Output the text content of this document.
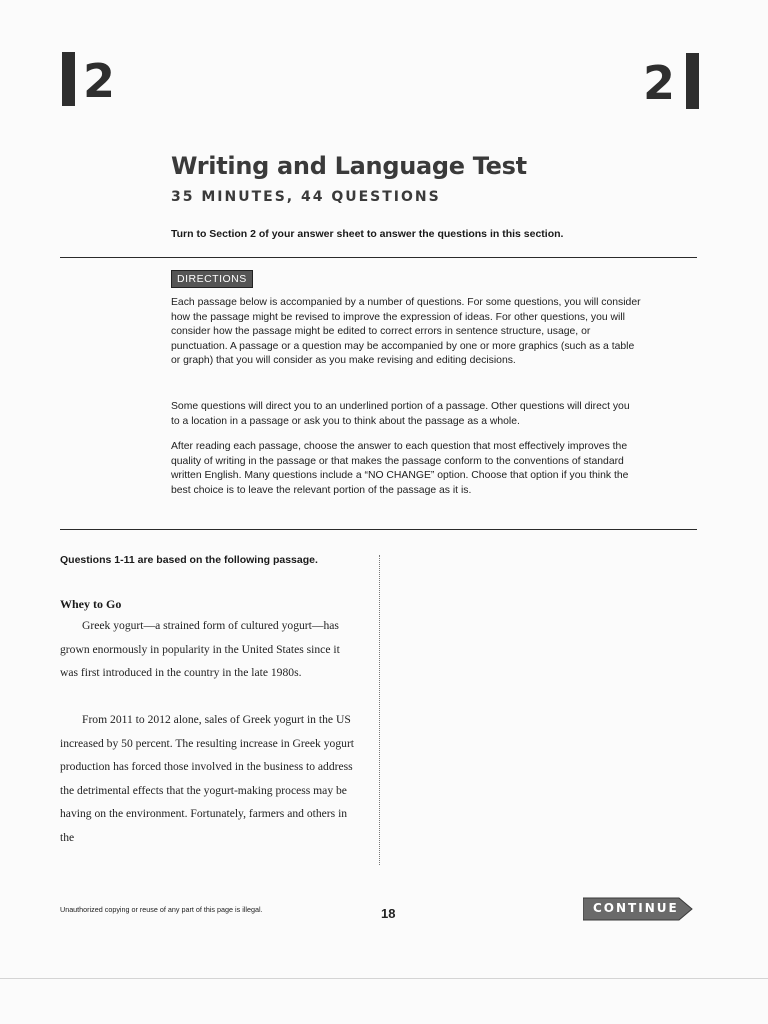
2	2
Writing and Language Test
35 MINUTES, 44 QUESTIONS
Turn to Section 2 of your answer sheet to answer the questions in this section.
DIRECTIONS

Each passage below is accompanied by a number of questions. For some questions, you will consider how the passage might be revised to improve the expression of ideas. For other questions, you will consider how the passage might be edited to correct errors in sentence structure, usage, or punctuation. A passage or a question may be accompanied by one or more graphics (such as a table or graph) that you will consider as you make revising and editing decisions.

Some questions will direct you to an underlined portion of a passage. Other questions will direct you to a location in a passage or ask you to think about the passage as a whole.

After reading each passage, choose the answer to each question that most effectively improves the quality of writing in the passage or that makes the passage conform to the conventions of standard written English. Many questions include a “NO CHANGE” option. Choose that option if you think the best choice is to leave the relevant portion of the passage as it is.

Questions 1-11 are based on the following passage.
Whey to Go

Greek yogurt—a strained form of cultured yogurt—has grown enormously in popularity in the United States since it was first introduced in the country in the late 1980s.

From 2011 to 2012 alone, sales of Greek yogurt in the US increased by 50 percent. The resulting increase in Greek yogurt production has forced those involved in the business to address the detrimental effects that the yogurt-making process may be having on the environment. Fortunately, farmers and others in the

Unauthorized copying or reuse of any part of this page is illegal.	18	CONTINUE
